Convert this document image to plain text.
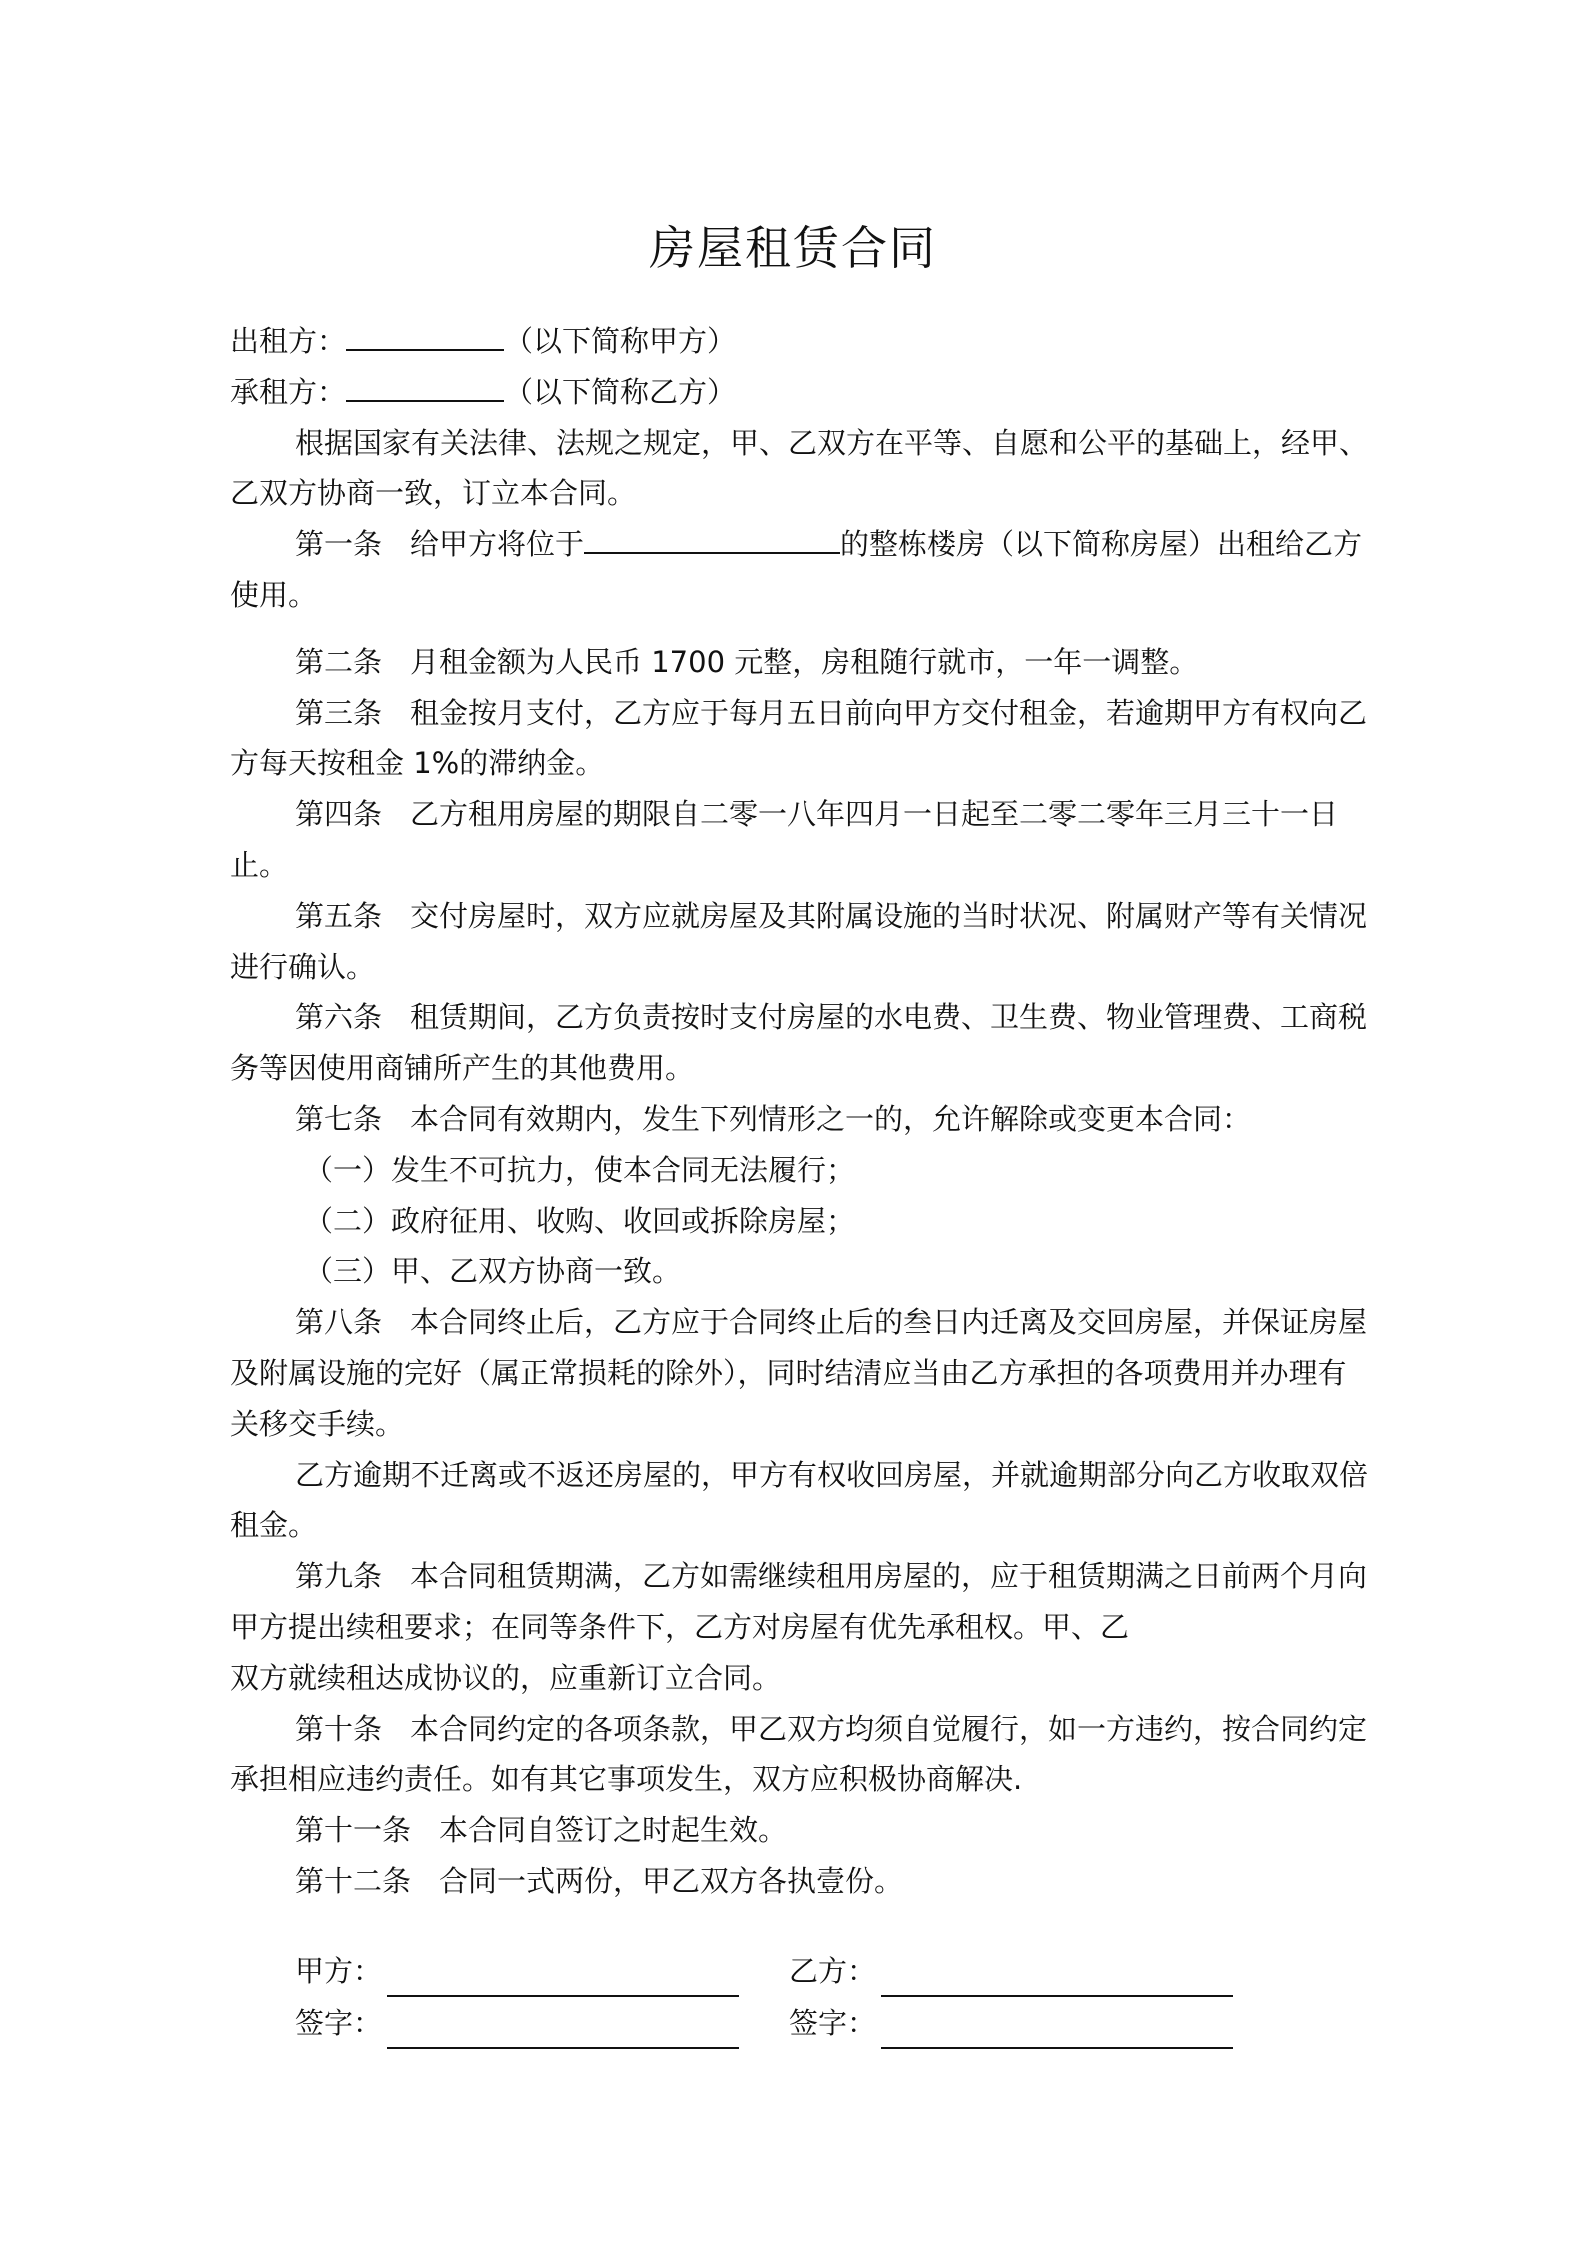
房屋租赁合同

出租方：	（以下简称甲方）

承租方：	（以下简称乙方）

根据国家有关法律、法规之规定，甲、乙双方在平等、自愿和公平的基础上，经甲、乙双方协商一致，订立本合同。

第一条 给甲方将位于	的整栋楼房（以下简称房屋）出租给乙方使用。

第二条 月租金额为人民币 1700 元整，房租随行就市，一年一调整。

第三条 租金按月支付，乙方应于每月五日前向甲方交付租金，若逾期甲方有权向乙方每天按租金 1%的滞纳金。

第四条 乙方租用房屋的期限自二零一八年四月一日起至二零二零年三月三十一日止。

第五条 交付房屋时，双方应就房屋及其附属设施的当时状况、附属财产等有关情况进行确认。

第六条 租赁期间，乙方负责按时支付房屋的水电费、卫生费、物业管理费、工商税务等因使用商铺所产生的其他费用。

第七条 本合同有效期内，发生下列情形之一的，允许解除或变更本合同：

（一）发生不可抗力，使本合同无法履行；

（二）政府征用、收购、收回或拆除房屋；

（三）甲、乙双方协商一致。

第八条 本合同终止后，乙方应于合同终止后的叁日内迁离及交回房屋，并保证房屋及附属设施的完好（属正常损耗的除外），同时结清应当由乙方承担的各项费用并办理有关移交手续。

乙方逾期不迁离或不返还房屋的，甲方有权收回房屋，并就逾期部分向乙方收取双倍租金。

第九条 本合同租赁期满，乙方如需继续租用房屋的，应于租赁期满之日前两个月向甲方提出续租要求；在同等条件下，乙方对房屋有优先承租权。甲、乙

双方就续租达成协议的，应重新订立合同。

第十条 本合同约定的各项条款，甲乙双方均须自觉履行，如一方违约，按合同约定承担相应违约责任。如有其它事项发生，双方应积极协商解决.

第十一条 本合同自签订之时起生效。

第十二条 合同一式两份，甲乙双方各执壹份。

甲方：	乙方：
签字：	签字：
